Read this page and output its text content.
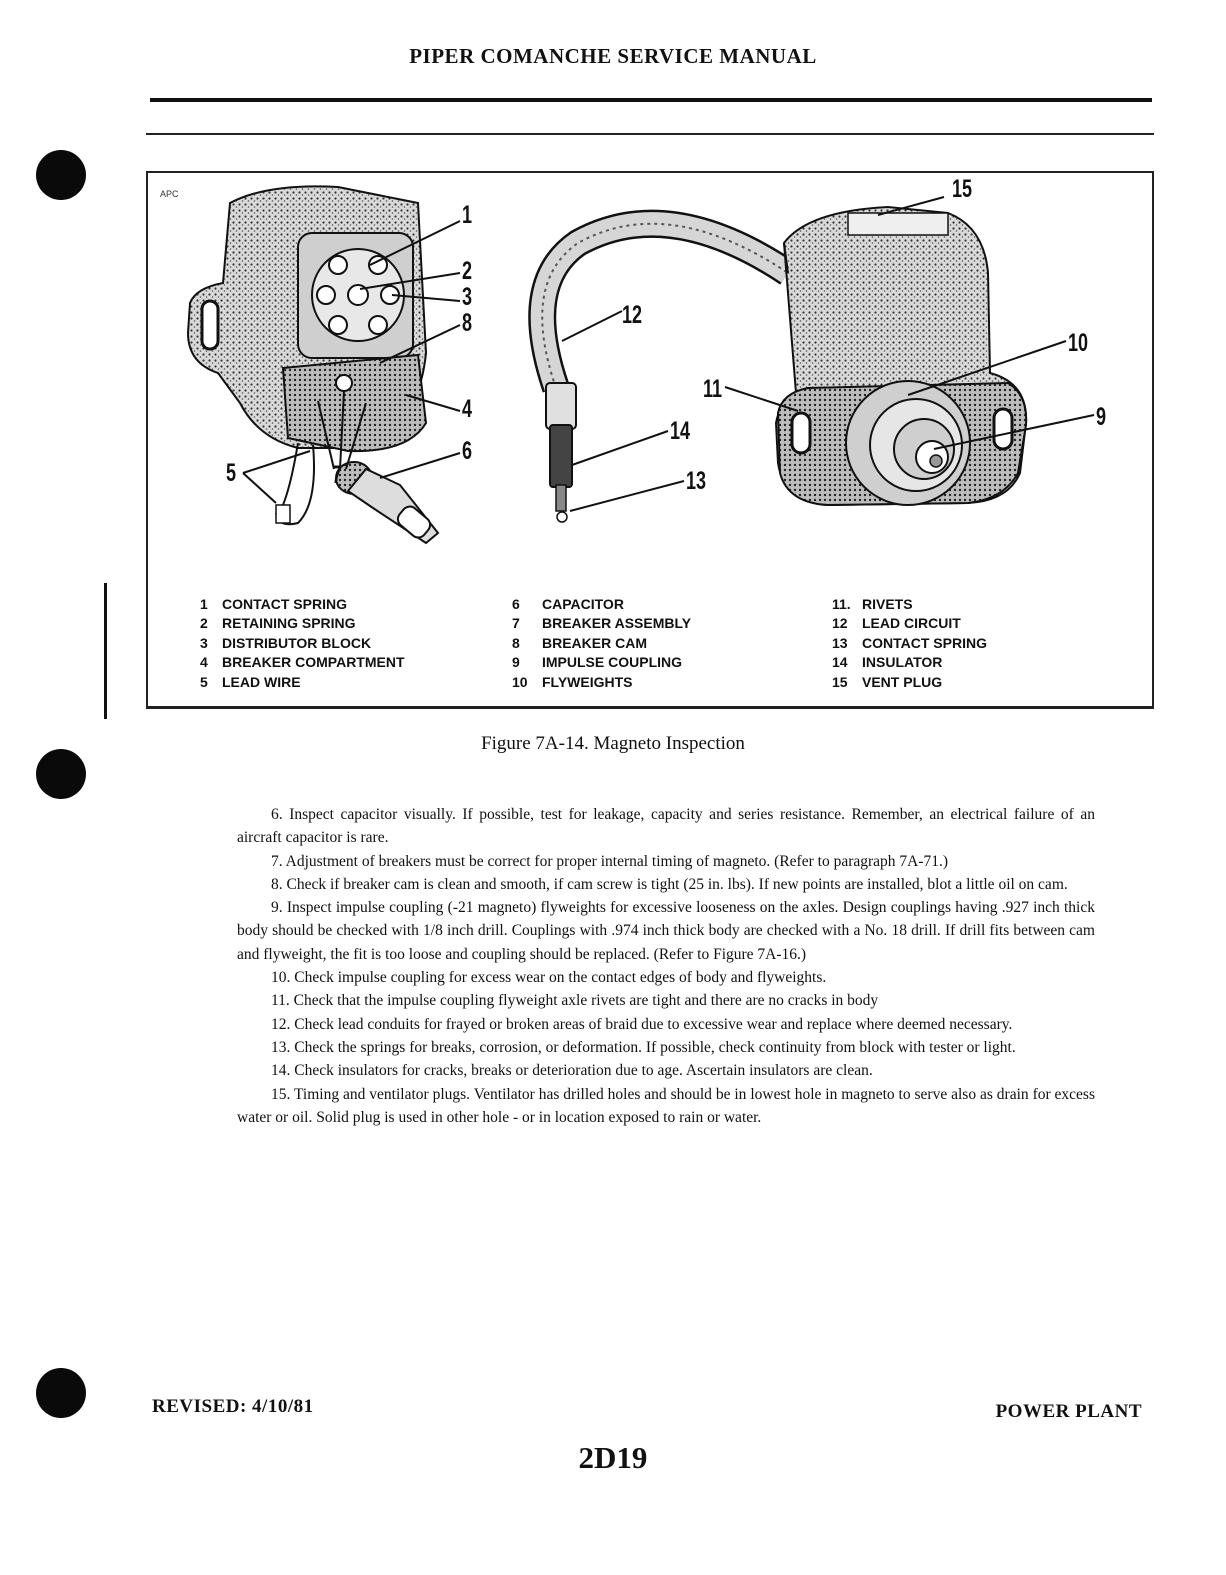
PIPER COMANCHE SERVICE MANUAL
APC
1
2
3
8
4
5	7
6
12
14
13
15
10
11
9
1 CONTACT SPRING
2 RETAINING SPRING
3 DISTRIBUTOR BLOCK
4 BREAKER COMPARTMENT
5 LEAD WIRE
6 CAPACITOR
7 BREAKER ASSEMBLY
8 BREAKER CAM
9 IMPULSE COUPLING
10 FLYWEIGHTS
11. RIVETS
12 LEAD CIRCUIT
13 CONTACT SPRING
14 INSULATOR
15 VENT PLUG
Figure 7A-14. Magneto Inspection

6. Inspect capacitor visually. If possible, test for leakage, capacity and series resistance. Remember, an electrical failure of an aircraft capacitor is rare.

7. Adjustment of breakers must be correct for proper internal timing of magneto. (Refer to paragraph 7A-71.)

8. Check if breaker cam is clean and smooth, if cam screw is tight (25 in. lbs). If new points are installed, blot a little oil on cam.

9. Inspect impulse coupling (-21 magneto) flyweights for excessive looseness on the axles. Design couplings having .927 inch thick body should be checked with 1/8 inch drill. Couplings with .974 inch thick body are checked with a No. 18 drill. If drill fits between cam and flyweight, the fit is too loose and coupling should be replaced. (Refer to Figure 7A-16.)

10. Check impulse coupling for excess wear on the contact edges of body and flyweights.

11. Check that the impulse coupling flyweight axle rivets are tight and there are no cracks in body

12. Check lead conduits for frayed or broken areas of braid due to excessive wear and replace where deemed necessary.

13. Check the springs for breaks, corrosion, or deformation. If possible, check continuity from block with tester or light.

14. Check insulators for cracks, breaks or deterioration due to age. Ascertain insulators are clean.

15. Timing and ventilator plugs. Ventilator has drilled holes and should be in lowest hole in magneto to serve also as drain for excess water or oil. Solid plug is used in other hole - or in location exposed to rain or water.

REVISED: 4/10/81	POWER PLANT
2D19
